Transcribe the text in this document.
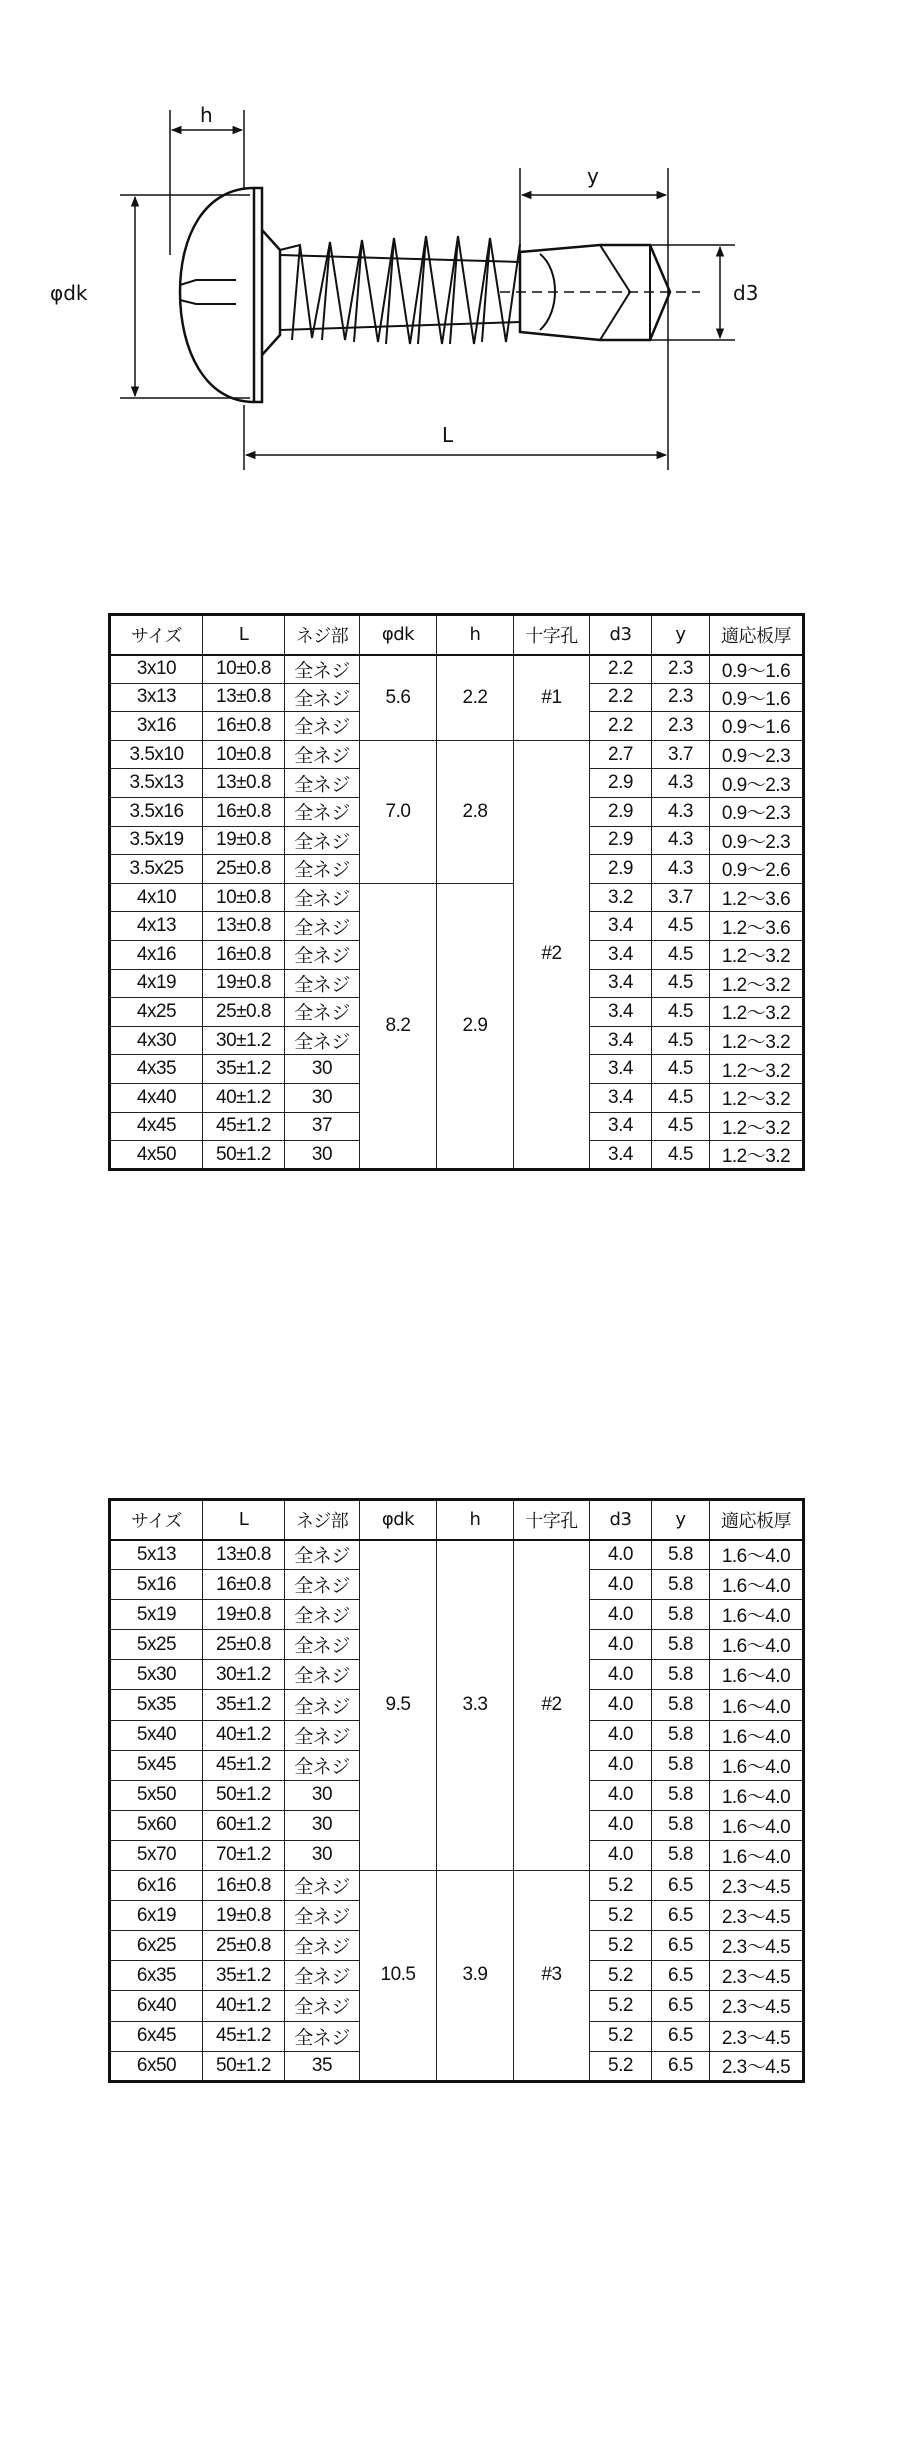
h
y
φdk	d3
L
サイズ	L	ネジ部	φdk	h	十字孔	d3	y	適応板厚
3x10	10±0.8	全ネジ	5.6	2.2	#1	2.2	2.3	0.9～1.6
3x13	13±0.8	全ネジ				2.2	2.3	0.9～1.6
3x16	16±0.8	全ネジ				2.2	2.3	0.9～1.6
3.5x10	10±0.8	全ネジ	7.0	2.8	#2	2.7	3.7	0.9～2.3
3.5x13	13±0.8	全ネジ				2.9	4.3	0.9～2.3
3.5x16	16±0.8	全ネジ				2.9	4.3	0.9～2.3
3.5x19	19±0.8	全ネジ				2.9	4.3	0.9～2.3
3.5x25	25±0.8	全ネジ				2.9	4.3	0.9～2.6
4x10	10±0.8	全ネジ	8.2	2.9		3.2	3.7	1.2～3.6
4x13	13±0.8	全ネジ				3.4	4.5	1.2～3.6
4x16	16±0.8	全ネジ				3.4	4.5	1.2～3.2
4x19	19±0.8	全ネジ				3.4	4.5	1.2～3.2
4x25	25±0.8	全ネジ				3.4	4.5	1.2～3.2
4x30	30±1.2	全ネジ				3.4	4.5	1.2～3.2
4x35	35±1.2	30				3.4	4.5	1.2～3.2
4x40	40±1.2	30				3.4	4.5	1.2～3.2
4x45	45±1.2	37				3.4	4.5	1.2～3.2
4x50	50±1.2	30				3.4	4.5	1.2～3.2
サイズ	L	ネジ部	φdk	h	十字孔	d3	y	適応板厚
5x13	13±0.8	全ネジ	9.5	3.3	#2	4.0	5.8	1.6～4.0
5x16	16±0.8	全ネジ				4.0	5.8	1.6～4.0
5x19	19±0.8	全ネジ				4.0	5.8	1.6～4.0
5x25	25±0.8	全ネジ				4.0	5.8	1.6～4.0
5x30	30±1.2	全ネジ				4.0	5.8	1.6～4.0
5x35	35±1.2	全ネジ				4.0	5.8	1.6～4.0
5x40	40±1.2	全ネジ				4.0	5.8	1.6～4.0
5x45	45±1.2	全ネジ				4.0	5.8	1.6～4.0
5x50	50±1.2	30				4.0	5.8	1.6～4.0
5x60	60±1.2	30				4.0	5.8	1.6～4.0
5x70	70±1.2	30				4.0	5.8	1.6～4.0
6x16	16±0.8	全ネジ	10.5	3.9	#3	5.2	6.5	2.3～4.5
6x19	19±0.8	全ネジ				5.2	6.5	2.3～4.5
6x25	25±0.8	全ネジ				5.2	6.5	2.3～4.5
6x35	35±1.2	全ネジ				5.2	6.5	2.3～4.5
6x40	40±1.2	全ネジ				5.2	6.5	2.3～4.5
6x45	45±1.2	全ネジ				5.2	6.5	2.3～4.5
6x50	50±1.2	35				5.2	6.5	2.3～4.5
